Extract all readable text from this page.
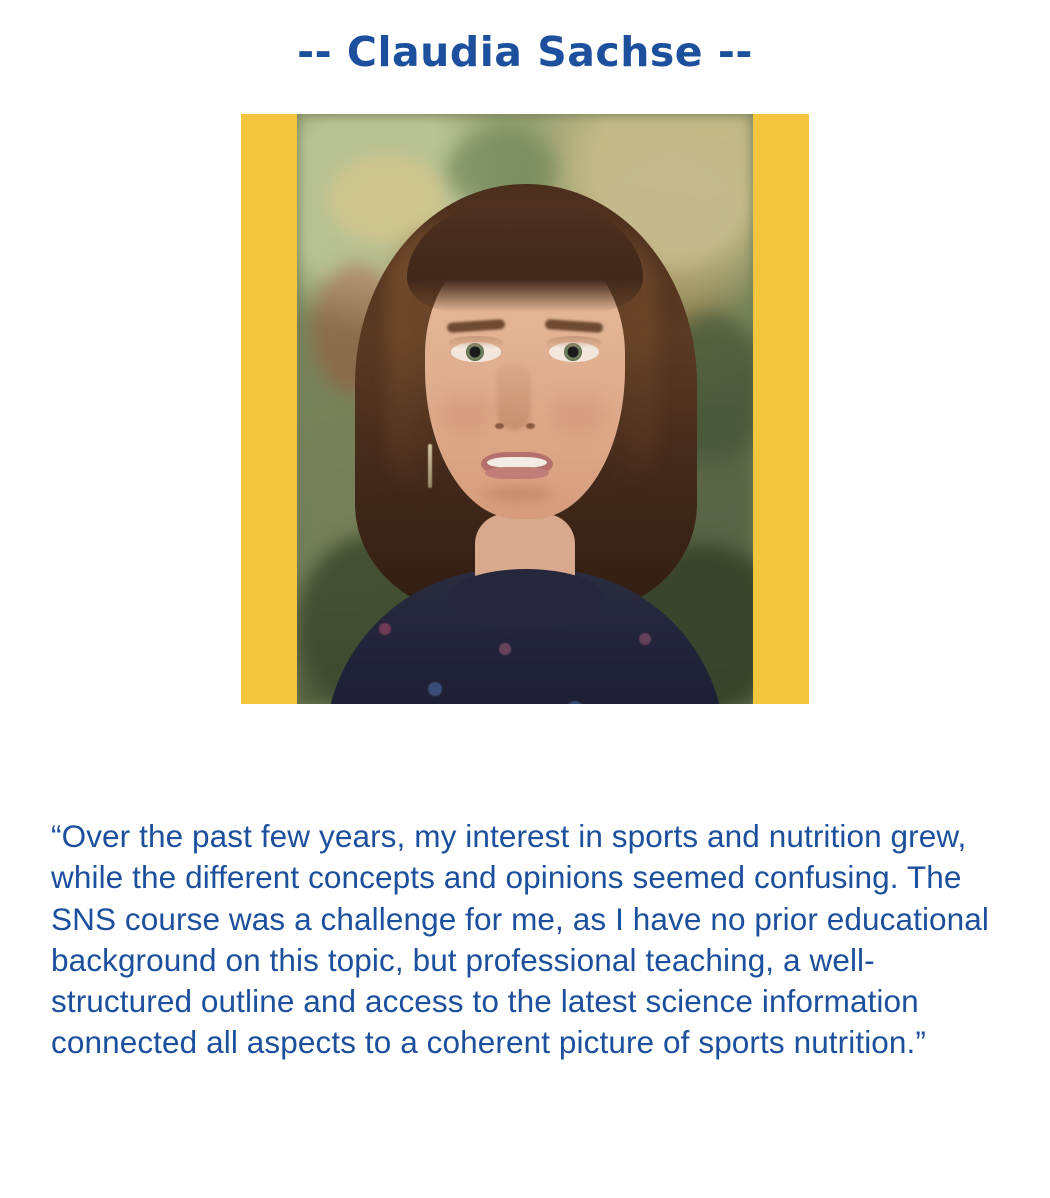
-- Claudia Sachse --
“Over the past few years, my interest in sports and nutrition grew, while the different concepts and opinions seemed confusing. The SNS course was a challenge for me, as I have no prior educational background on this topic, but professional teaching, a well- structured outline and access to the latest science information connected all aspects to a coherent picture of sports nutrition.”
